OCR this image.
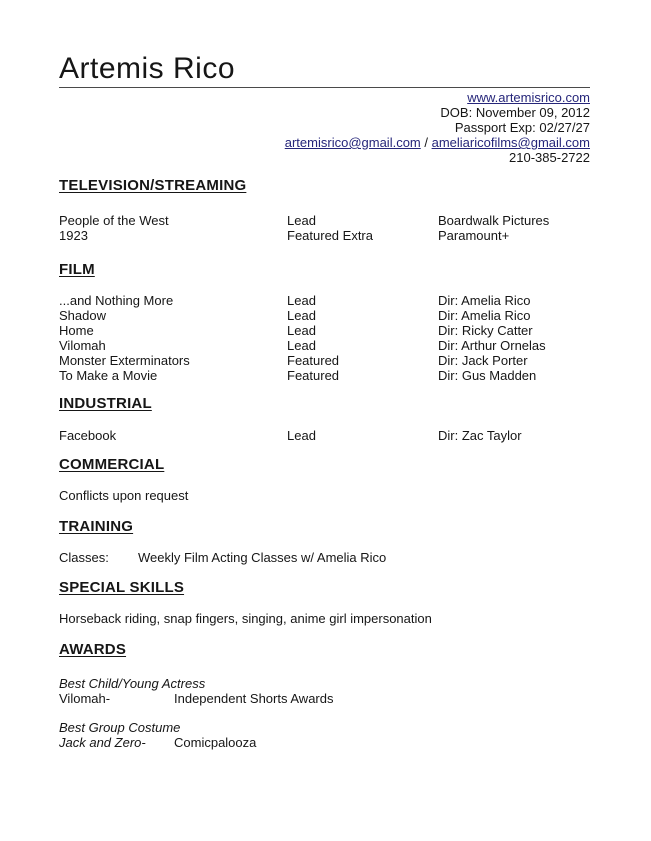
Artemis Rico
www.artemisrico.com
DOB: November 09, 2012
Passport Exp: 02/27/27
artemisrico@gmail.com / ameliaricofilms@gmail.com
210-385-2722
TELEVISION/STREAMING
People of the West	Lead	Boardwalk Pictures
1923	Featured Extra	Paramount+
FILM
...and Nothing More	Lead	Dir: Amelia Rico
Shadow	Lead	Dir: Amelia Rico
Home	Lead	Dir: Ricky Catter
Vilomah	Lead	Dir: Arthur Ornelas
Monster Exterminators	Featured	Dir: Jack Porter
To Make a Movie	Featured	Dir: Gus Madden
INDUSTRIAL
Facebook	Lead	Dir: Zac Taylor
COMMERCIAL
Conflicts upon request
TRAINING
Classes:	Weekly Film Acting Classes w/ Amelia Rico
SPECIAL SKILLS
Horseback riding, snap fingers, singing, anime girl impersonation
AWARDS
Best Child/Young Actress
Vilomah-	Independent Shorts Awards
Best Group Costume
Jack and Zero-	Comicpalooza
